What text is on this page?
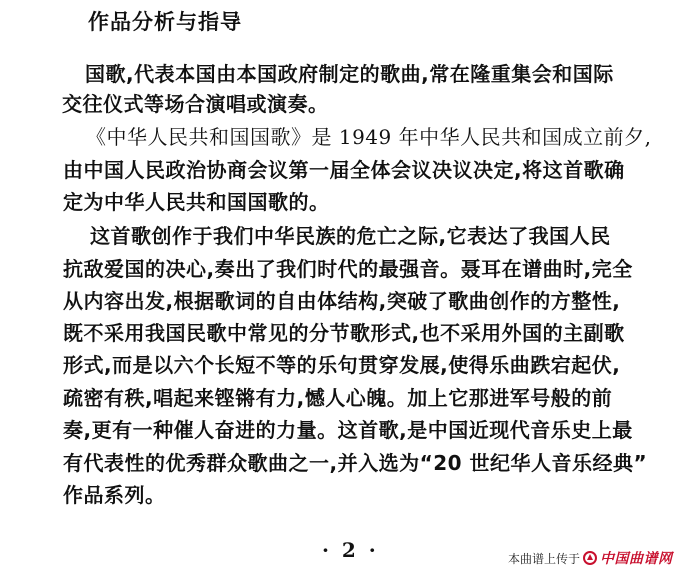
作品分析与指导
国歌,代表本国由本国政府制定的歌曲,常在隆重集会和国际
交往仪式等场合演唱或演奏。
《中华人民共和国国歌》是 1949 年中华人民共和国成立前夕,
由中国人民政治协商会议第一届全体会议决议决定,将这首歌确
定为中华人民共和国国歌的。
这首歌创作于我们中华民族的危亡之际,它表达了我国人民
抗敌爱国的决心,奏出了我们时代的最强音。聂耳在谱曲时,完全
从内容出发,根据歌词的自由体结构,突破了歌曲创作的方整性,
既不采用我国民歌中常见的分节歌形式,也不采用外国的主副歌
形式,而是以六个长短不等的乐句贯穿发展,使得乐曲跌宕起伏,
疏密有秩,唱起来铿锵有力,憾人心魄。加上它那进军号般的前
奏,更有一种催人奋进的力量。这首歌,是中国近现代音乐史上最
有代表性的优秀群众歌曲之一,并入选为“20 世纪华人音乐经典”
作品系列。
· 2 ·	本曲谱上传于 中国曲谱网
